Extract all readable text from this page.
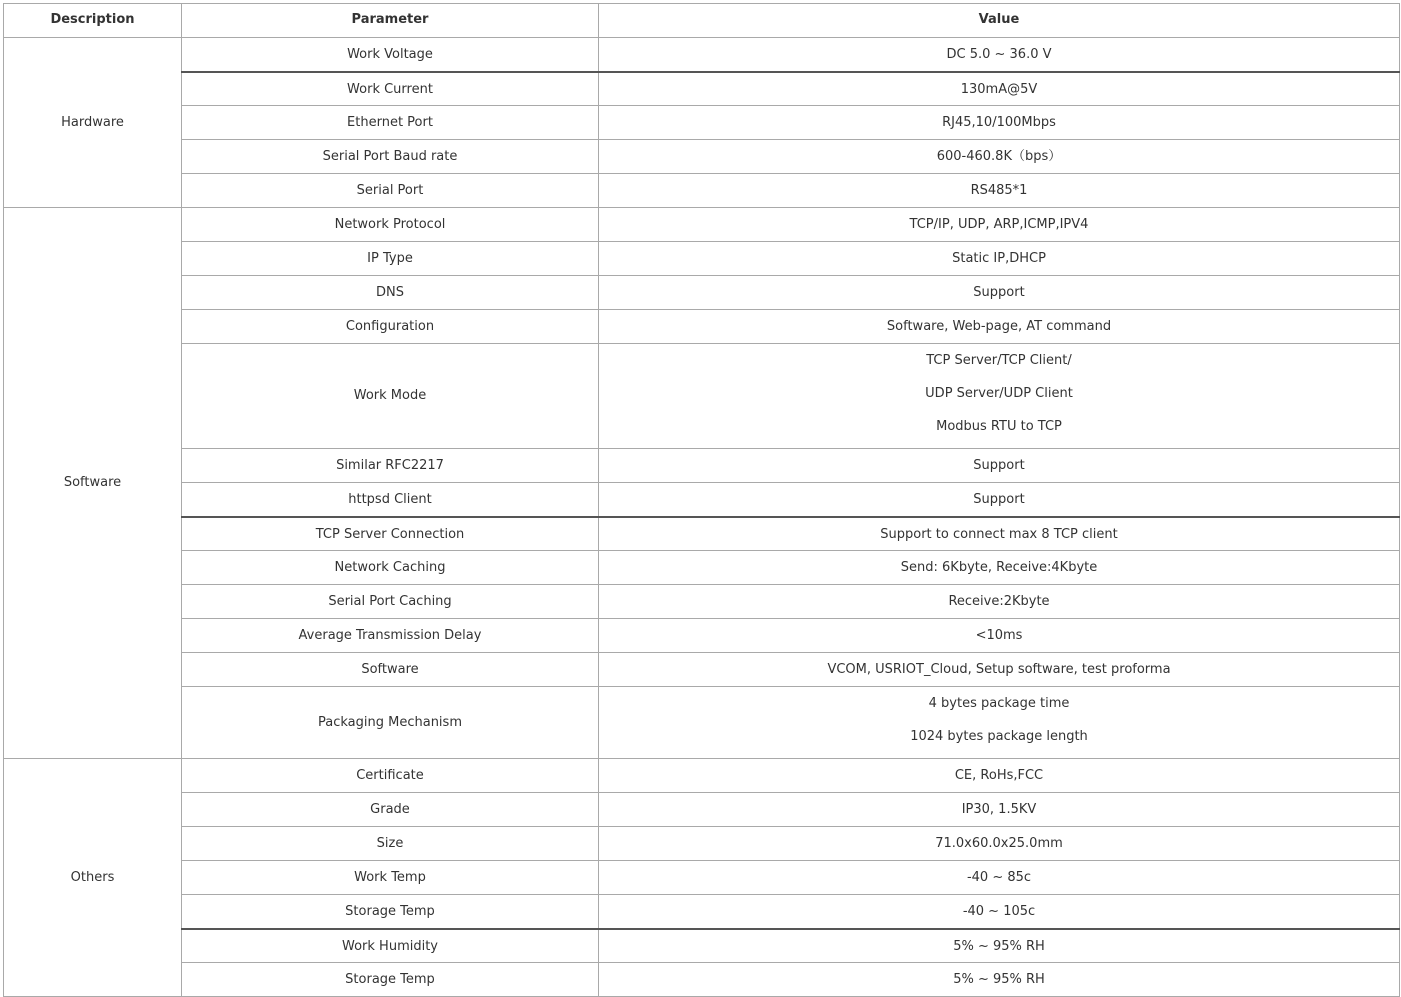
Description	Parameter	Value
Hardware	Work Voltage	DC 5.0 ~ 36.0 V
	Work Current	130mA@5V
	Ethernet Port	RJ45,10/100Mbps
	Serial Port Baud rate	600-460.8K（bps）
	Serial Port	RS485*1
Software	Network Protocol	TCP/IP, UDP, ARP,ICMP,IPV4
	IP Type	Static IP,DHCP
	DNS	Support
	Configuration	Software, Web-page, AT command
	Work Mode	TCP Server/TCP Client/
UDP Server/UDP Client
Modbus RTU to TCP

	Similar RFC2217	Support
	httpsd Client	Support
	TCP Server Connection	Support to connect max 8 TCP client
	Network Caching	Send: 6Kbyte, Receive:4Kbyte
	Serial Port Caching	Receive:2Kbyte
	Average Transmission Delay	<10ms
	Software	VCOM, USRIOT_Cloud, Setup software, test proforma
	Packaging Mechanism	4 bytes package time
1024 bytes package length

Others	Certificate	CE, RoHs,FCC
	Grade	IP30, 1.5KV
	Size	71.0x60.0x25.0mm
	Work Temp	-40 ~ 85c
	Storage Temp	-40 ~ 105c
	Work Humidity	5% ~ 95% RH
	Storage Temp	5% ~ 95% RH
